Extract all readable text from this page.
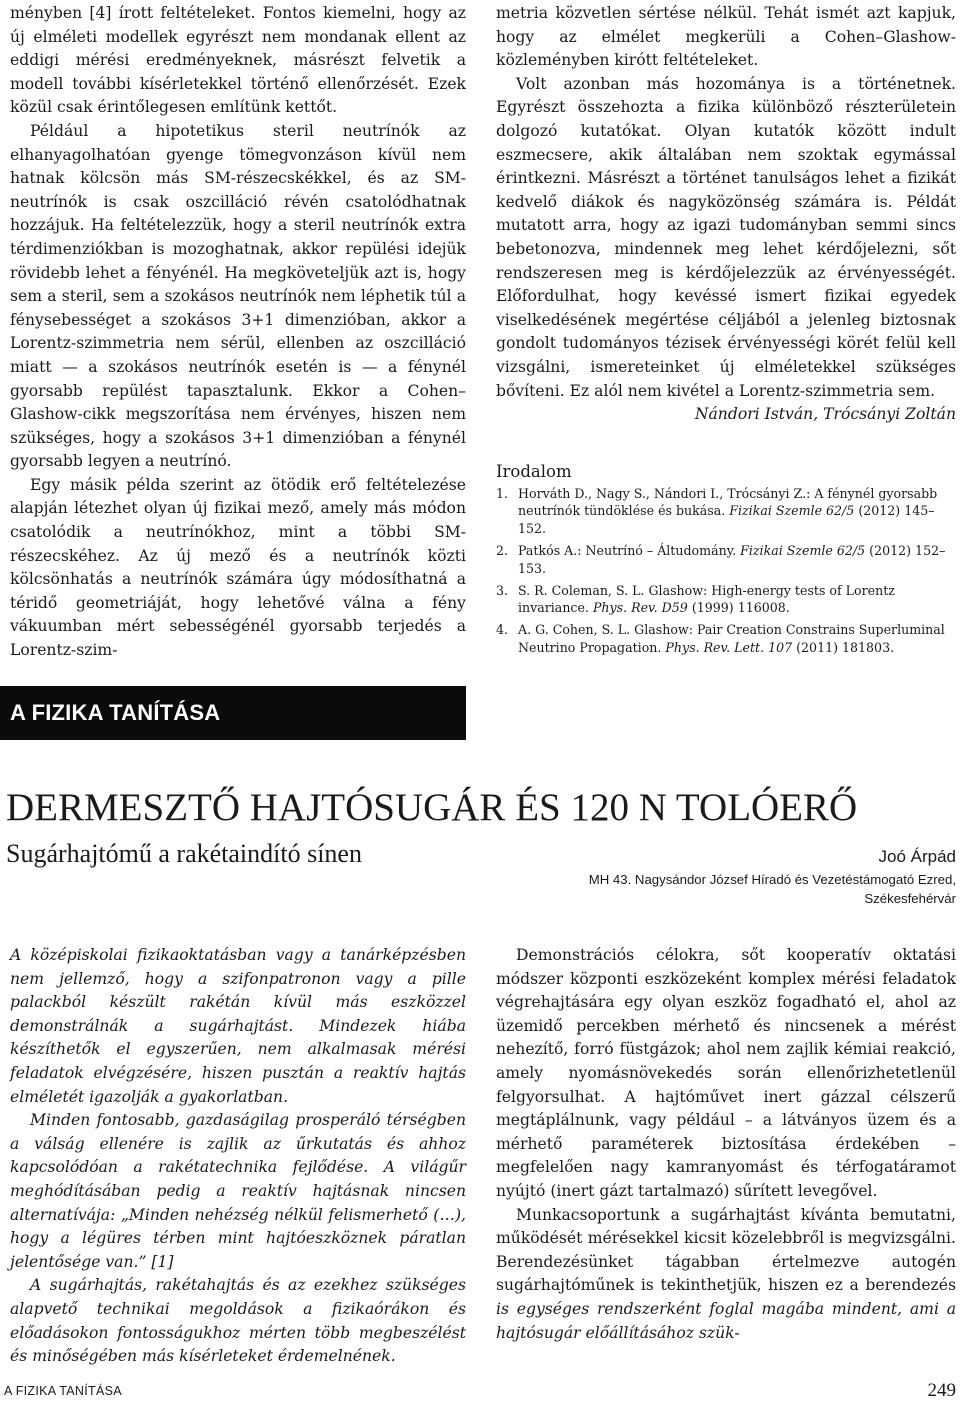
ményben [4] írott feltételeket. Fontos kiemelni, hogy az új elméleti modellek egyrészt nem mondanak ellent az eddigi mérési eredményeknek, másrészt felvetik a modell további kísérletekkel történő ellenőrzését. Ezek közül csak érintőlegesen említünk kettőt.

Például a hipotetikus steril neutrínók az elhanyagolhatóan gyenge tömegvonzáson kívül nem hatnak kölcsön más SM-részecskékkel, és az SM-neutrínók is csak oszcilláció révén csatolódhatnak hozzájuk. Ha feltételezzük, hogy a steril neutrínók extra térdimenziókban is mozoghatnak, akkor repülési idejük rövidebb lehet a fényénél. Ha megköveteljük azt is, hogy sem a steril, sem a szokásos neutrínók nem léphetik túl a fénysebességet a szokásos 3+1 dimenzióban, akkor a Lorentz-szimmetria nem sérül, ellenben az oszcilláció miatt — a szokásos neutrínók esetén is — a fénynél gyorsabb repülést tapasztalunk. Ekkor a Cohen–Glashow-cikk megszorítása nem érvényes, hiszen nem szükséges, hogy a szokásos 3+1 dimenzióban a fénynél gyorsabb legyen a neutrínó.

Egy másik példa szerint az ötödik erő feltételezése alapján létezhet olyan új fizikai mező, amely más módon csatolódik a neutrínókhoz, mint a többi SM-részecskéhez. Az új mező és a neutrínók közti kölcsönhatás a neutrínók számára úgy módosíthatná a téridő geometriáját, hogy lehetővé válna a fény vákuumban mért sebességénél gyorsabb terjedés a Lorentz-szim-

metria közvetlen sértése nélkül. Tehát ismét azt kapjuk, hogy az elmélet megkerüli a Cohen–Glashow-közleményben kirótt feltételeket.

Volt azonban más hozománya is a történetnek. Egyrészt összehozta a fizika különböző részterületein dolgozó kutatókat. Olyan kutatók között indult eszmecsere, akik általában nem szoktak egymással érintkezni. Másrészt a történet tanulságos lehet a fizikát kedvelő diákok és nagyközönség számára is. Példát mutatott arra, hogy az igazi tudományban semmi sincs bebetonozva, mindennek meg lehet kérdőjelezni, sőt rendszeresen meg is kérdőjelezzük az érvényességét. Előfordulhat, hogy kevéssé ismert fizikai egyedek viselkedésének megértése céljából a jelenleg biztosnak gondolt tudományos tézisek érvényességi körét felül kell vizsgálni, ismereteinket új elméletekkel szükséges bővíteni. Ez alól nem kivétel a Lorentz-szimmetria sem.

Nándori István, Trócsányi Zoltán

Irodalom
1. Horváth D., Nagy S., Nándori I., Trócsányi Z.: A fénynél gyorsabb neutrínók tündöklése és bukása. Fizikai Szemle 62/5 (2012) 145–152.
2. Patkós A.: Neutrínó – Áltudomány. Fizikai Szemle 62/5 (2012) 152–153.
3. S. R. Coleman, S. L. Glashow: High-energy tests of Lorentz invariance. Phys. Rev. D59 (1999) 116008.
4. A. G. Cohen, S. L. Glashow: Pair Creation Constrains Superluminal Neutrino Propagation. Phys. Rev. Lett. 107 (2011) 181803.
A FIZIKA TANÍTÁSA
DERMESZTŐ HAJTÓSUGÁR ÉS 120 N TOLÓERŐ
Sugárhajtómű a rakétaindító sínen	Joó Árpád
MH 43. Nagysándor József Híradó és Vezetéstámogató Ezred, Székesfehérvár

A középiskolai fizikaoktatásban vagy a tanárképzésben nem jellemző, hogy a szifonpatronon vagy a pille palackból készült rakétán kívül más eszközzel demonstrálnák a sugárhajtást. Mindezek hiába készíthetők el egyszerűen, nem alkalmasak mérési feladatok elvégzésére, hiszen pusztán a reaktív hajtás elméletét igazolják a gyakorlatban.

Minden fontosabb, gazdaságilag prosperáló térségben a válság ellenére is zajlik az űrkutatás és ahhoz kapcsolódóan a rakétatechnika fejlődése. A világűr meghódításában pedig a reaktív hajtásnak nincsen alternatívája: „Minden nehézség nélkül felismerhető (…), hogy a légüres térben mint hajtóeszköznek páratlan jelentősége van.” [1]

A sugárhajtás, rakétahajtás és az ezekhez szükséges alapvető technikai megoldások a fizikaórákon és előadásokon fontosságukhoz mérten több megbeszélést és minőségében más kísérleteket érdemelnének.

Demonstrációs célokra, sőt kooperatív oktatási módszer központi eszközeként komplex mérési feladatok végrehajtására egy olyan eszköz fogadható el, ahol az üzemidő percekben mérhető és nincsenek a mérést nehezítő, forró füstgázok; ahol nem zajlik kémiai reakció, amely nyomásnövekedés során ellenőrizhetetlenül felgyorsulhat. A hajtóművet inert gázzal célszerű megtáplálnunk, vagy például – a látványos üzem és a mérhető paraméterek biztosítása érdekében – megfelelően nagy kamranyomást és térfogatáramot nyújtó (inert gázt tartalmazó) sűrített levegővel.

Munkacsoportunk a sugárhajtást kívánta bemutatni, működését mérésekkel kicsit közelebbről is megvizsgálni. Berendezésünket tágabban értelmezve autogén sugárhajtóműnek is tekinthetjük, hiszen ez a berendezés is egységes rendszerként foglal magába mindent, ami a hajtósugár előállításához szük-

A FIZIKA TANÍTÁSA	249
